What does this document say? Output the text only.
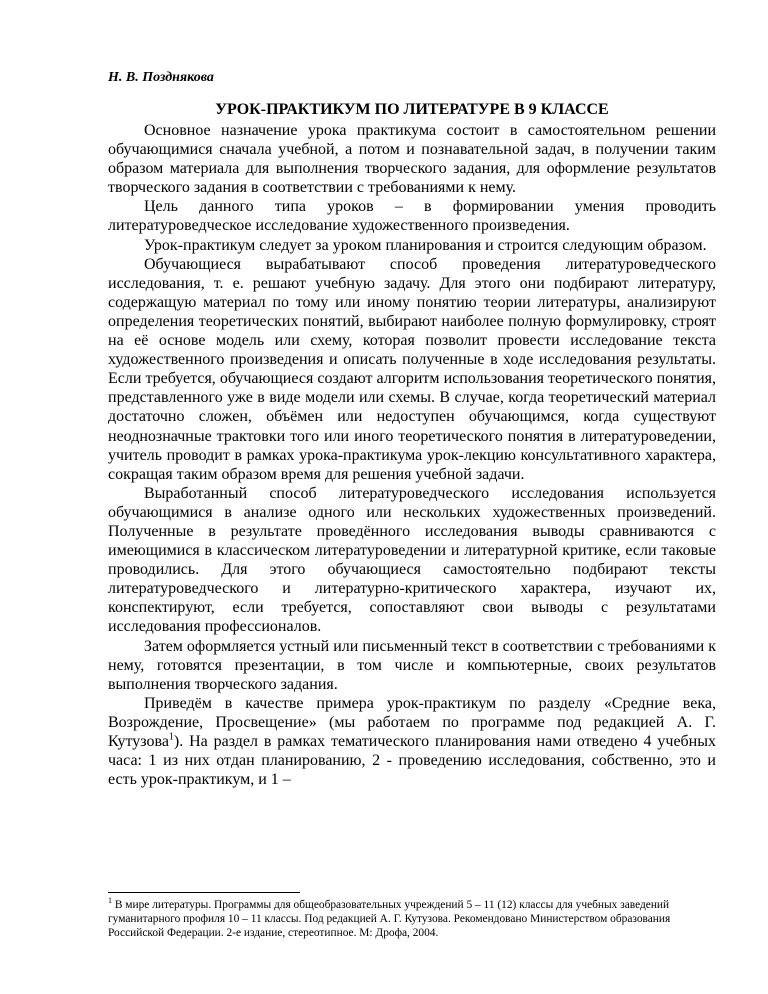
Н. В. Позднякова
УРОК-ПРАКТИКУМ ПО ЛИТЕРАТУРЕ В 9 КЛАССЕ

Основное назначение урока практикума состоит в самостоятельном решении обучающимися сначала учебной, а потом и познавательной задач, в получении таким образом материала для выполнения творческого задания, для оформление результатов творческого задания в соответствии с требованиями к нему.

Цель данного типа уроков – в формировании умения проводить литературоведческое исследование художественного произведения.

Урок-практикум следует за уроком планирования и строится следующим образом.

Обучающиеся вырабатывают способ проведения литературоведческого исследования, т. е. решают учебную задачу. Для этого они подбирают литературу, содержащую материал по тому или иному понятию теории литературы, анализируют определения теоретических понятий, выбирают наиболее полную формулировку, строят на её основе модель или схему, которая позволит провести исследование текста художественного произведения и описать полученные в ходе исследования результаты. Если требуется, обучающиеся создают алгоритм использования теоретического понятия, представленного уже в виде модели или схемы. В случае, когда теоретический материал достаточно сложен, объёмен или недоступен обучающимся, когда существуют неоднозначные трактовки того или иного теоретического понятия в литературоведении, учитель проводит в рамках урока-практикума урок-лекцию консультативного характера, сокращая таким образом время для решения учебной задачи.

Выработанный способ литературоведческого исследования используется обучающимися в анализе одного или нескольких художественных произведений. Полученные в результате проведённого исследования выводы сравниваются с имеющимися в классическом литературоведении и литературной критике, если таковые проводились. Для этого обучающиеся самостоятельно подбирают тексты литературоведческого и литературно-критического характера, изучают их, конспектируют, если требуется, сопоставляют свои выводы с результатами исследования профессионалов.

Затем оформляется устный или письменный текст в соответствии с требованиями к нему, готовятся презентации, в том числе и компьютерные, своих результатов выполнения творческого задания.

Приведём в качестве примера урок-практикум по разделу «Средние века, Возрождение, Просвещение» (мы работаем по программе под редакцией А. Г. Кутузова$^1$). На раздел в рамках тематического планирования нами отведено 4 учебных часа: 1 из них отдан планированию, 2 - проведению исследования, собственно, это и есть урок-практикум, и 1 –

$^1$ В мире литературы. Программы для общеобразовательных учреждений 5 – 11 (12) классы для учебных заведений гуманитарного профиля 10 – 11 классы. Под редакцией А. Г. Кутузова. Рекомендовано Министерством образования Российской Федерации. 2-е издание, стереотипное. М: Дрофа, 2004.
